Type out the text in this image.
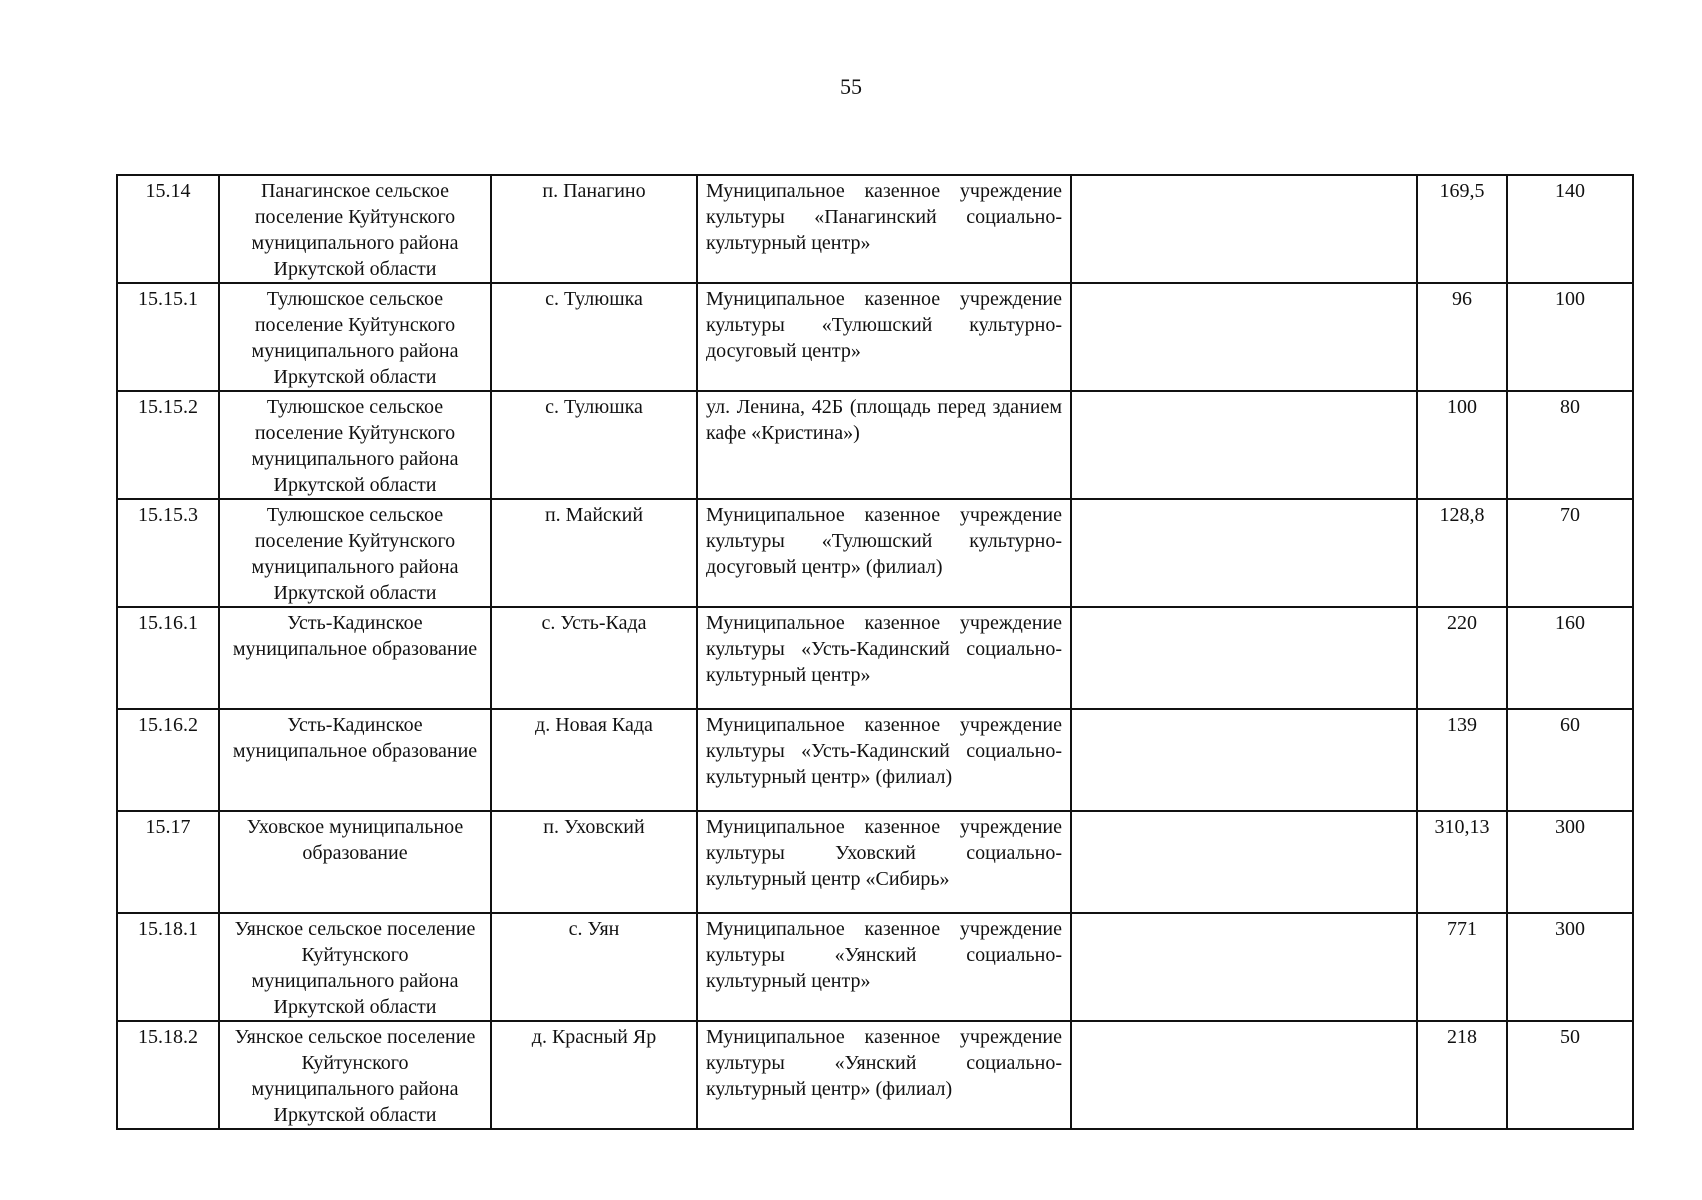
55
15.14	Панагинское сельское поселение Куйтунского муниципального района Иркутской области	п. Панагино	Муниципальное казенное учреждение культуры «Панагинский социально-культурный центр»		169,5	140
15.15.1	Тулюшское сельское поселение Куйтунского муниципального района Иркутской области	с. Тулюшка	Муниципальное казенное учреждение культуры «Тулюшский культурно-досуговый центр»		96	100
15.15.2	Тулюшское сельское поселение Куйтунского муниципального района Иркутской области	с. Тулюшка	ул. Ленина, 42Б (площадь перед зданием кафе «Кристина»)		100	80
15.15.3	Тулюшское сельское поселение Куйтунского муниципального района Иркутской области	п. Майский	Муниципальное казенное учреждение культуры «Тулюшский культурно-досуговый центр» (филиал)		128,8	70
15.16.1	Усть-Кадинское муниципальное образование	с. Усть-Када	Муниципальное казенное учреждение культуры «Усть-Кадинский социально-культурный центр»		220	160
15.16.2	Усть-Кадинское муниципальное образование	д. Новая Када	Муниципальное казенное учреждение культуры «Усть-Кадинский социально-культурный центр» (филиал)		139	60
15.17	Уховское муниципальное образование	п. Уховский	Муниципальное казенное учреждение культуры Уховский социально-культурный центр «Сибирь»		310,13	300
15.18.1	Уянское сельское поселение Куйтунского муниципального района Иркутской области	с. Уян	Муниципальное казенное учреждение культуры «Уянский социально-культурный центр»		771	300
15.18.2	Уянское сельское поселение Куйтунского муниципального района Иркутской области	д. Красный Яр	Муниципальное казенное учреждение культуры «Уянский социально-культурный центр» (филиал)		218	50
